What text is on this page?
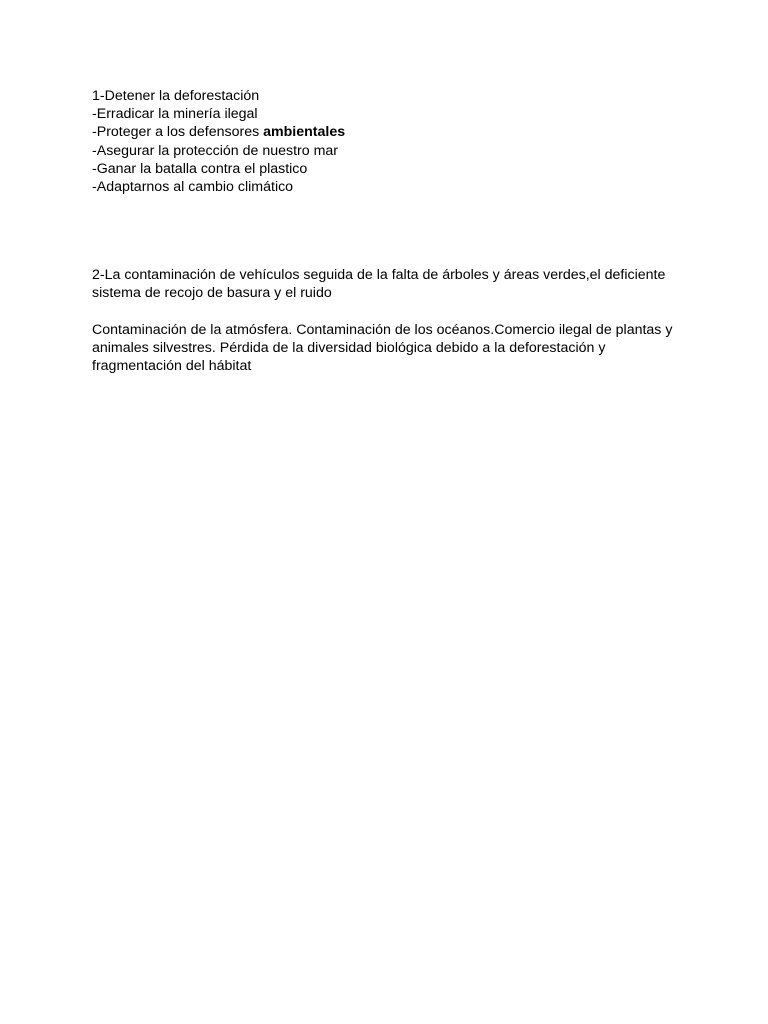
1-Detener la deforestación
-Erradicar la minería ilegal
-Proteger a los defensores ambientales
-Asegurar la protección de nuestro mar
-Ganar la batalla contra el plastico
-Adaptarnos al cambio climático
2-La contaminación de vehículos seguida de la falta de árboles y áreas verdes,el deficiente
sistema de recojo de basura y el ruido
Contaminación de la atmósfera. Contaminación de los océanos.Comercio ilegal de plantas y
animales silvestres. Pérdida de la diversidad biológica debido a la deforestación y
fragmentación del hábitat
